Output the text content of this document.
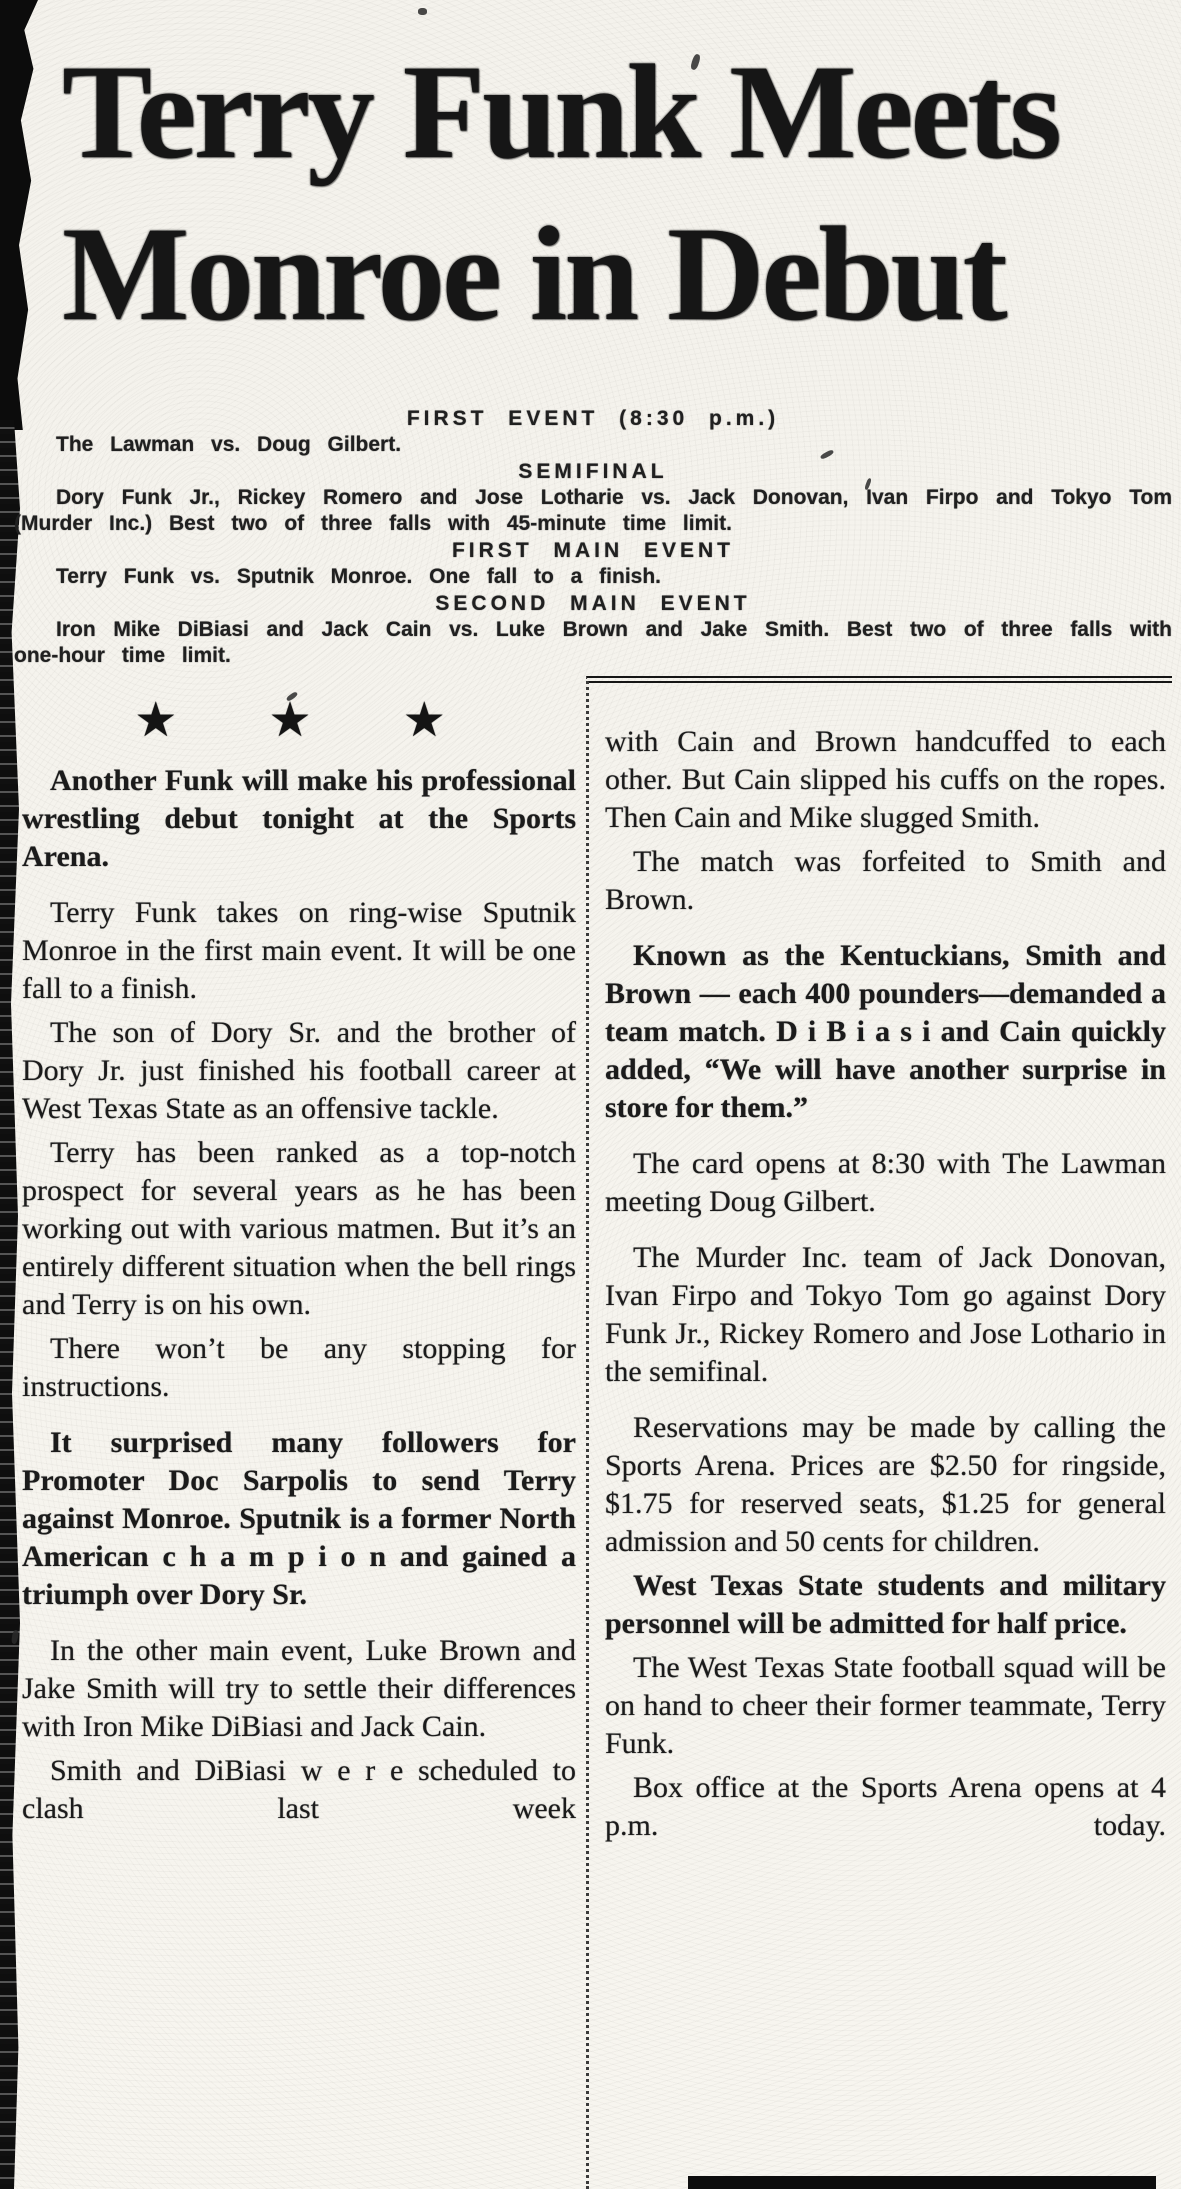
Terry Funk Meets
Monroe in Debut
FIRST EVENT (8:30 p.m.)
The Lawman vs. Doug Gilbert.
SEMIFINAL
Dory Funk Jr., Rickey Romero and Jose Lotharie vs. Jack Donovan, Ivan Firpo and Tokyo Tom (Murder Inc.) Best two of three falls with 45-minute time limit.
FIRST MAIN EVENT
Terry Funk vs. Sputnik Monroe. One fall to a finish.
SECOND MAIN EVENT
Iron Mike DiBiasi and Jack Cain vs. Luke Brown and Jake Smith. Best two of three falls with one-hour time limit.
★ ★ ★

Another Funk will make his professional wrestling debut tonight at the Sports Arena.

Terry Funk takes on ring-wise Sputnik Monroe in the first main event. It will be one fall to a finish.

The son of Dory Sr. and the brother of Dory Jr. just finished his football career at West Texas State as an offensive tackle.

Terry has been ranked as a top-notch prospect for several years as he has been working out with various matmen. But it’s an entirely different situation when the bell rings and Terry is on his own.

There won’t be any stopping for instructions.

It surprised many followers for Promoter Doc Sarpolis to send Terry against Monroe. Sputnik is a former North American c h a m p i o n and gained a triumph over Dory Sr.

In the other main event, Luke Brown and Jake Smith will try to settle their differences with Iron Mike DiBiasi and Jack Cain.

Smith and DiBiasi w e r e scheduled to clash last week

with Cain and Brown handcuffed to each other. But Cain slipped his cuffs on the ropes. Then Cain and Mike slugged Smith.

The match was forfeited to Smith and Brown.

Known as the Kentuckians, Smith and Brown — each 400 pounders—demanded a team match. D i B i a s i and Cain quickly added, “We will have another surprise in store for them.”

The card opens at 8:30 with The Lawman meeting Doug Gilbert.

The Murder Inc. team of Jack Donovan, Ivan Firpo and Tokyo Tom go against Dory Funk Jr., Rickey Romero and Jose Lothario in the semifinal.

Reservations may be made by calling the Sports Arena. Prices are $2.50 for ringside, $1.75 for reserved seats, $1.25 for general admission and 50 cents for children.

West Texas State students and military personnel will be admitted for half price.

The West Texas State football squad will be on hand to cheer their former teammate, Terry Funk.

Box office at the Sports Arena opens at 4 p.m. today.
